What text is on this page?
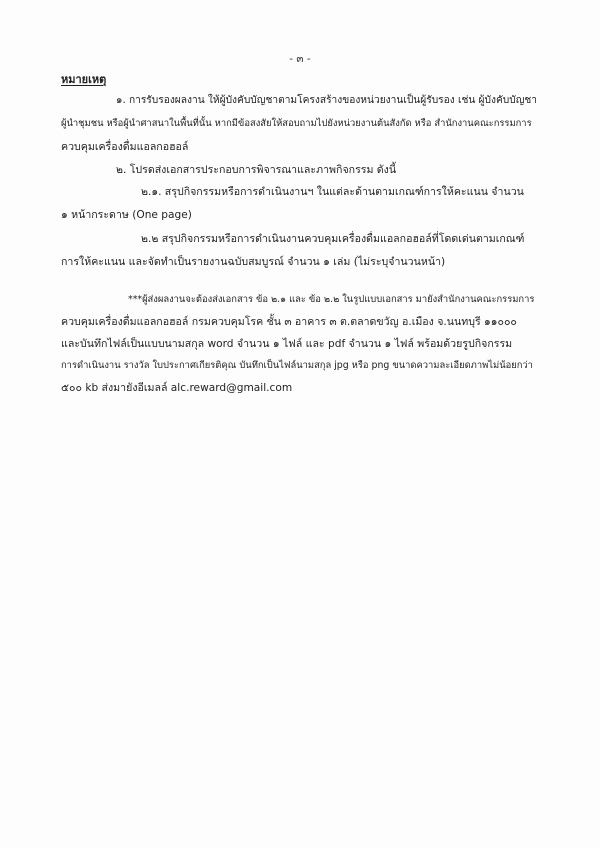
- ๓ -
หมายเหตุ
๑. การรับรองผลงาน ให้ผู้บังคับบัญชาตามโครงสร้างของหน่วยงานเป็นผู้รับรอง เช่น ผู้บังคับบัญชา
ผู้นำชุมชน หรือผู้นำศาสนาในพื้นที่นั้น หากมีข้อสงสัยให้สอบถามไปยังหน่วยงานต้นสังกัด หรือ สำนักงานคณะกรรมการ
ควบคุมเครื่องดื่มแอลกอฮอล์
๒. โปรดส่งเอกสารประกอบการพิจารณาและภาพกิจกรรม ดังนี้
๒.๑. สรุปกิจกรรมหรือการดำเนินงานฯ ในแต่ละด้านตามเกณฑ์การให้คะแนน จำนวน
๑ หน้ากระดาษ (One page)
๒.๒ สรุปกิจกรรมหรือการดำเนินงานควบคุมเครื่องดื่มแอลกอฮอล์ที่โดดเด่นตามเกณฑ์
การให้คะแนน และจัดทำเป็นรายงานฉบับสมบูรณ์ จำนวน ๑ เล่ม (ไม่ระบุจำนวนหน้า)
***ผู้ส่งผลงานจะต้องส่งเอกสาร ข้อ ๒.๑ และ ข้อ ๒.๒ ในรูปแบบเอกสาร มายังสำนักงานคณะกรรมการ
ควบคุมเครื่องดื่มแอลกอฮอล์ กรมควบคุมโรค ชั้น ๓ อาคาร ๓ ต.ตลาดขวัญ อ.เมือง จ.นนทบุรี ๑๑๐๐๐
และบันทึกไฟล์เป็นแบบนามสกุล word จำนวน ๑ ไฟล์ และ pdf จำนวน ๑ ไฟล์ พร้อมด้วยรูปกิจกรรม
การดำเนินงาน รางวัล ใบประกาศเกียรติคุณ บันทึกเป็นไฟล์นามสกุล jpg หรือ png ขนาดความละเอียดภาพไม่น้อยกว่า
๕๐๐ kb ส่งมายังอีเมลล์ alc.reward@gmail.com
